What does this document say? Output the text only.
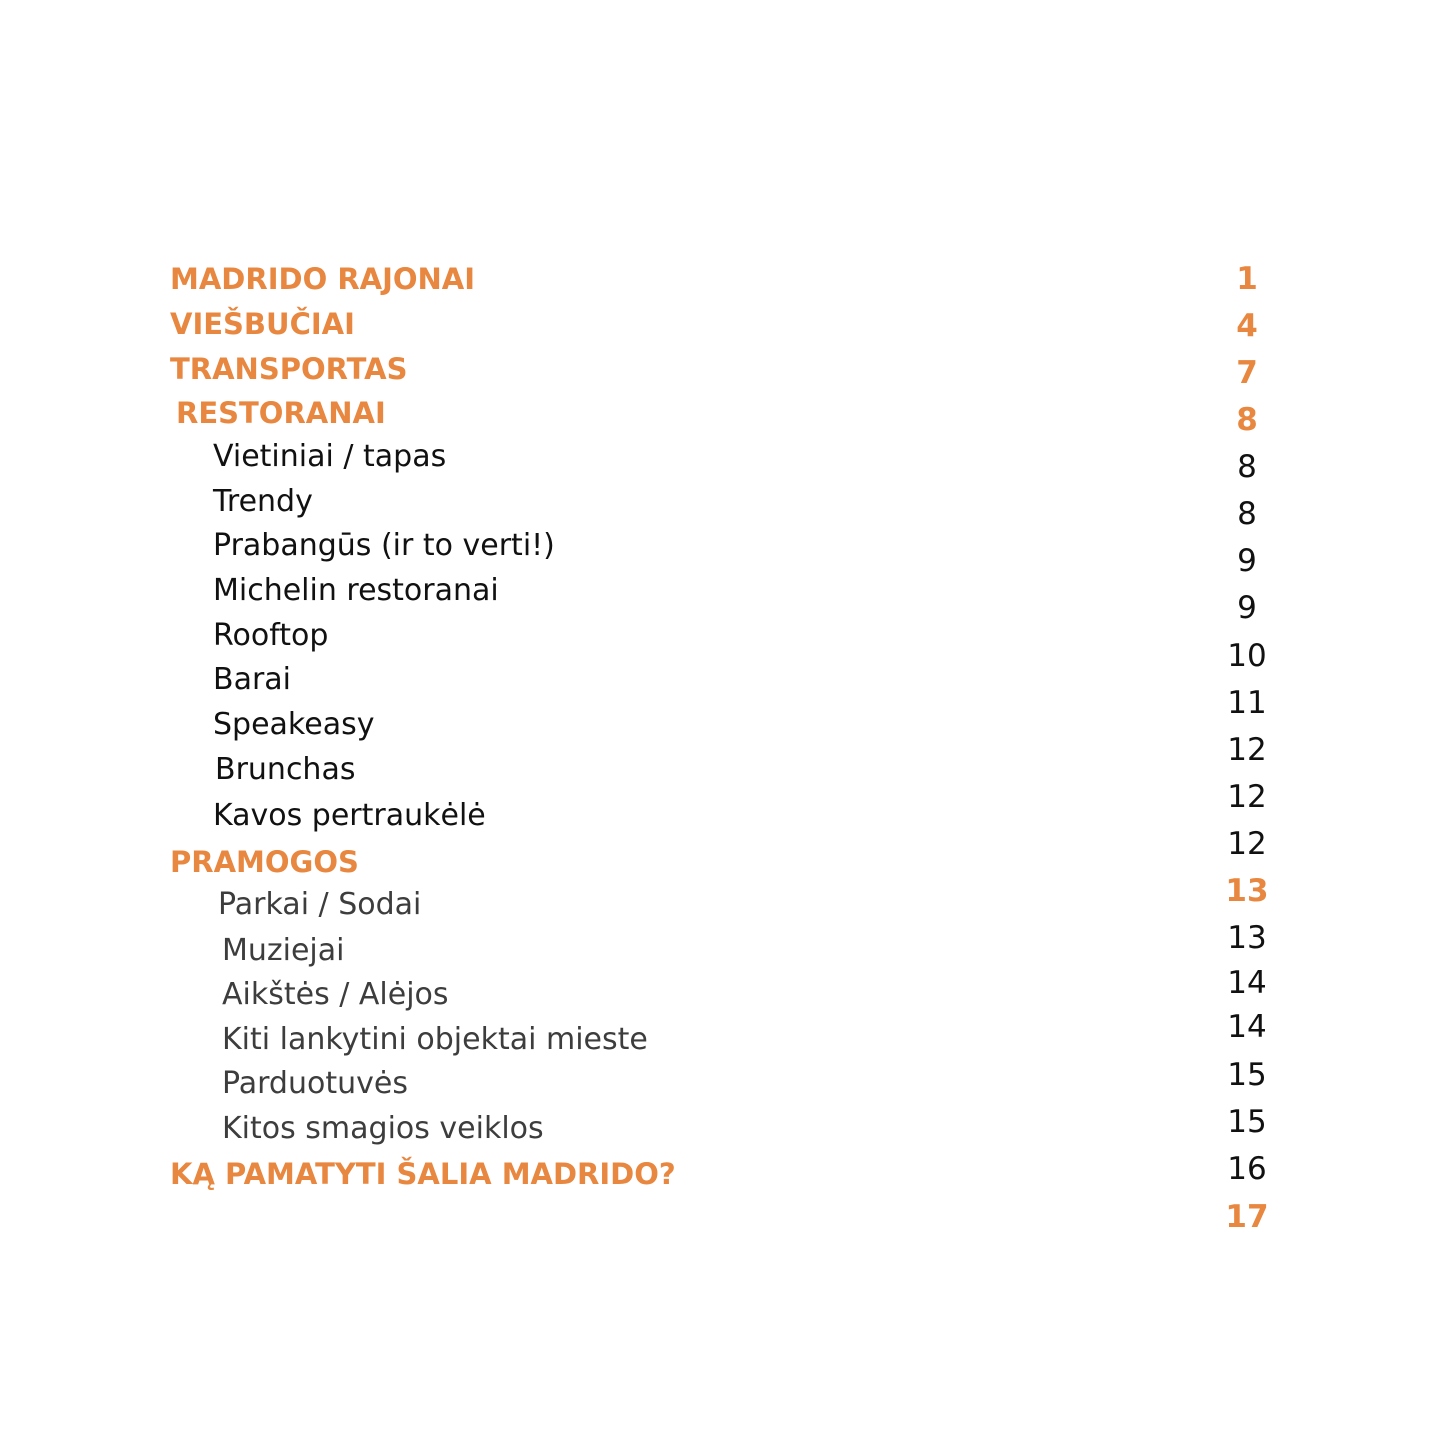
MADRIDO RAJONAI
VIEŠBUČIAI
TRANSPORTAS
RESTORANAI
Vietiniai / tapas
Trendy
Prabangūs (ir to verti!)
Michelin restoranai
Rooftop
Barai
Speakeasy
Brunchas
Kavos pertraukėlė
PRAMOGOS
Parkai / Sodai
Muziejai
Aikštės / Alėjos
Kiti lankytini objektai mieste
Parduotuvės
Kitos smagios veiklos
KĄ PAMATYTI ŠALIA MADRIDO?
1
4
7
8
8
8
9
9
10
11
12
12
12
13
13
14
14
15
15
16
17
